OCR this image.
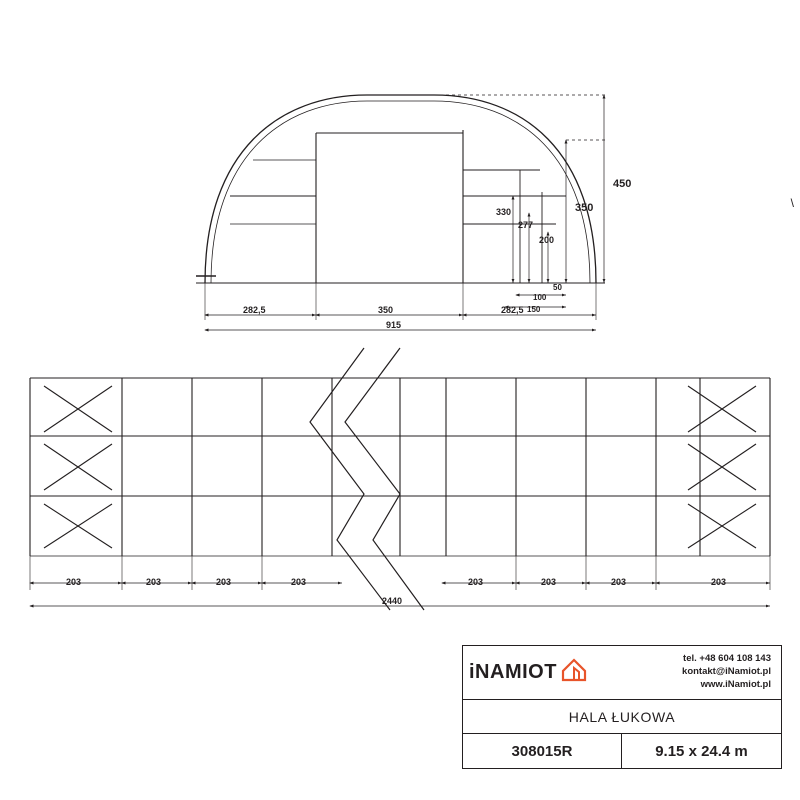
450
350
330
277
200
50
100
150
282,5	350	282,5
915
203	203	203	203	203	203	203	203
2440
\
iNAMIOT
tel. +48 604 108 143
kontakt@iNamiot.pl
www.iNamiot.pl
HALA ŁUKOWA
308015R	9.15 x 24.4 m
